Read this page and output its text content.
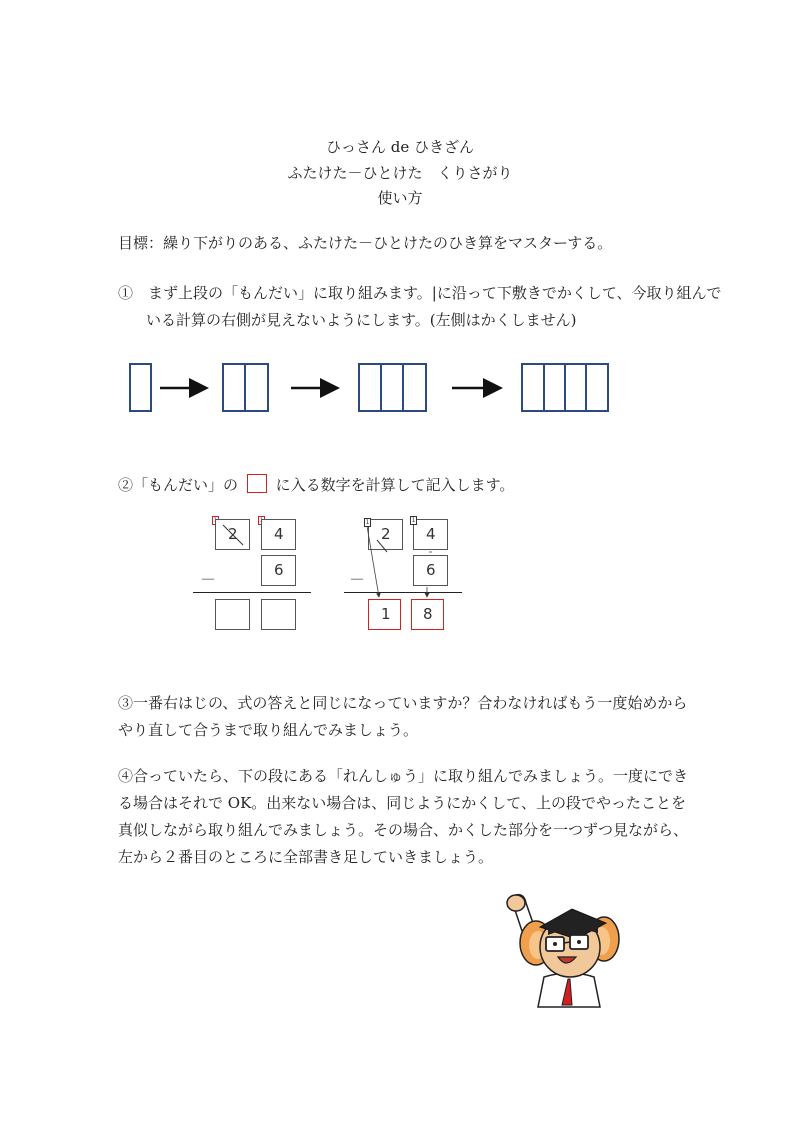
ひっさん de ひきざん
ふたけた－ひとけた　くりさがり
使い方
目標：繰り下がりのある、ふたけた－ひとけたのひき算をマスターする。
①　まず上段の「もんだい」に取り組みます。|に沿って下敷きでかくして、今取り組んでいる計算の右側が見えないようにします。(左側はかくしません)
②「もんだい」の	に入る数字を計算して記入します。
2 4
－	6
2 4
－	6
1 8
1	1
③一番右はじの、式の答えと同じになっていますか？合わなければもう一度始めからやり直して合うまで取り組んでみましょう。
④合っていたら、下の段にある「れんしゅう」に取り組んでみましょう。一度にできる場合はそれで OK。出来ない場合は、同じようにかくして、上の段でやったことを真似しながら取り組んでみましょう。その場合、かくした部分を一つずつ見ながら、左から２番目のところに全部書き足していきましょう。
